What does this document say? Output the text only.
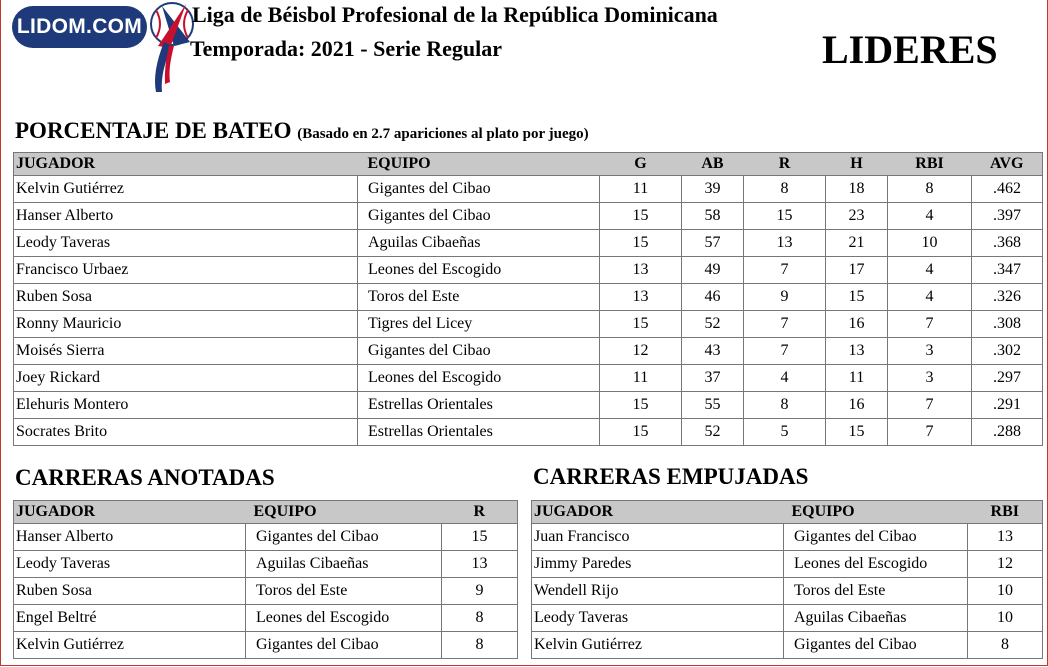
LIDOM.COM Liga de Béisbol Profesional de la República Dominicana
Temporada: 2021 - Serie Regular	LIDERES
PORCENTAJE DE BATEO (Basado en 2.7 apariciones al plato por juego)
JUGADOR	EQUIPO	G	AB	R	H	RBI	AVG
Kelvin Gutiérrez	Gigantes del Cibao	11	39	8	18	8	.462
Hanser Alberto	Gigantes del Cibao	15	58	15	23	4	.397
Leody Taveras	Aguilas Cibaeñas	15	57	13	21	10	.368
Francisco Urbaez	Leones del Escogido	13	49	7	17	4	.347
Ruben Sosa	Toros del Este	13	46	9	15	4	.326
Ronny Mauricio	Tigres del Licey	15	52	7	16	7	.308
Moisés Sierra	Gigantes del Cibao	12	43	7	13	3	.302
Joey Rickard	Leones del Escogido	11	37	4	11	3	.297
Elehuris Montero	Estrellas Orientales	15	55	8	16	7	.291
Socrates Brito	Estrellas Orientales	15	52	5	15	7	.288
CARRERAS ANOTADAS
JUGADOR	EQUIPO	R
Hanser Alberto	Gigantes del Cibao	15
Leody Taveras	Aguilas Cibaeñas	13
Ruben Sosa	Toros del Este	9
Engel Beltré	Leones del Escogido	8
Kelvin Gutiérrez	Gigantes del Cibao	8
CARRERAS EMPUJADAS
JUGADOR	EQUIPO	RBI
Juan Francisco	Gigantes del Cibao	13
Jimmy Paredes	Leones del Escogido	12
Wendell Rijo	Toros del Este	10
Leody Taveras	Aguilas Cibaeñas	10
Kelvin Gutiérrez	Gigantes del Cibao	8
